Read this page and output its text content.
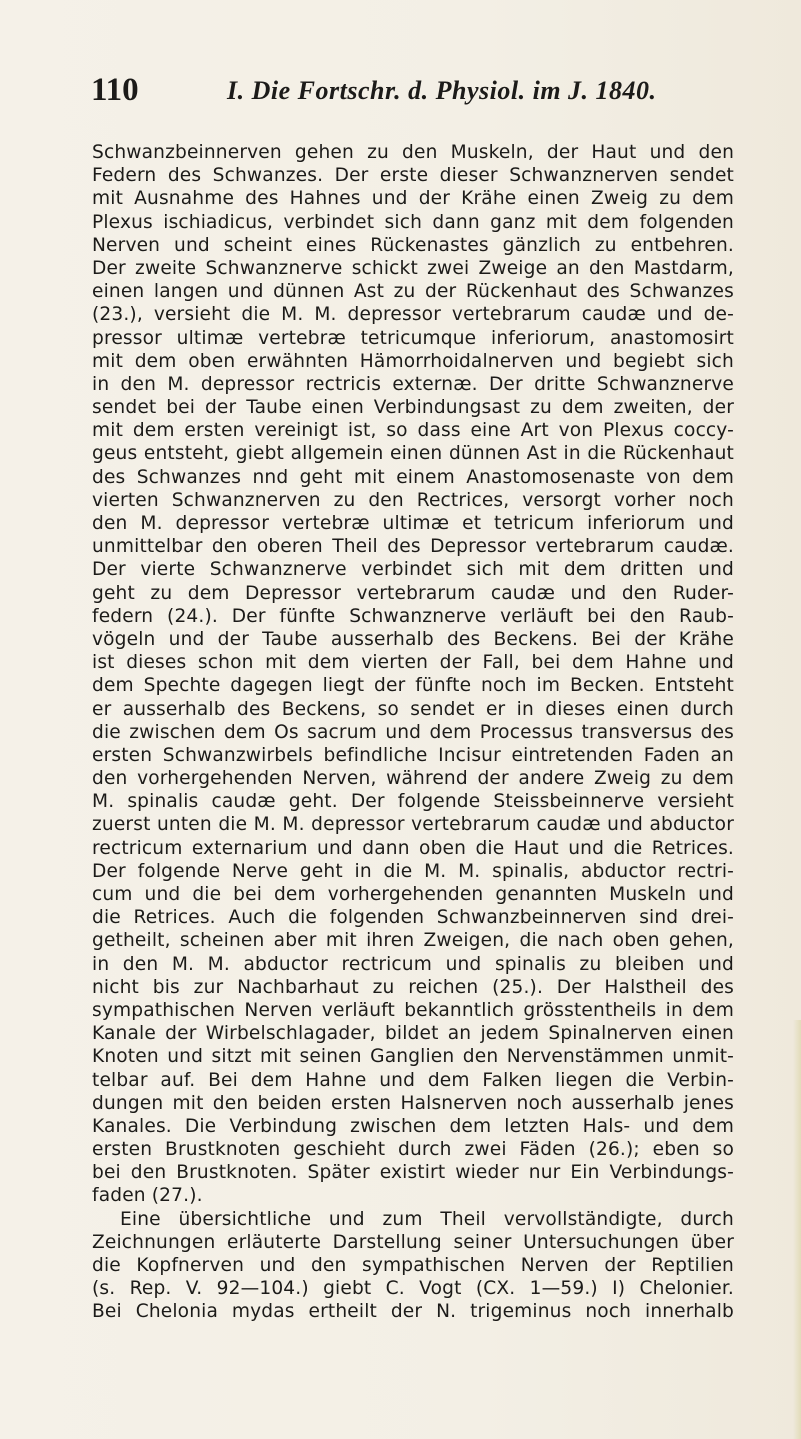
110	I. Die Fortschr. d. Physiol. im J. 1840.
Schwanzbeinnerven gehen zu den Muskeln, der Haut und den
Federn des Schwanzes. Der erste dieser Schwanznerven sendet
mit Ausnahme des Hahnes und der Krähe einen Zweig zu dem
Plexus ischiadicus, verbindet sich dann ganz mit dem folgenden
Nerven und scheint eines Rückenastes gänzlich zu entbehren.
Der zweite Schwanznerve schickt zwei Zweige an den Mastdarm,
einen langen und dünnen Ast zu der Rückenhaut des Schwanzes
(23.), versieht die M. M. depressor vertebrarum caudæ und de-
pressor ultimæ vertebræ tetricumque inferiorum, anastomosirt
mit dem oben erwähnten Hämorrhoidalnerven und begiebt sich
in den M. depressor rectricis externæ. Der dritte Schwanznerve
sendet bei der Taube einen Verbindungsast zu dem zweiten, der
mit dem ersten vereinigt ist, so dass eine Art von Plexus coccy-
geus entsteht, giebt allgemein einen dünnen Ast in die Rückenhaut
des Schwanzes nnd geht mit einem Anastomosenaste von dem
vierten Schwanznerven zu den Rectrices, versorgt vorher noch
den M. depressor vertebræ ultimæ et tetricum inferiorum und
unmittelbar den oberen Theil des Depressor vertebrarum caudæ.
Der vierte Schwanznerve verbindet sich mit dem dritten und
geht zu dem Depressor vertebrarum caudæ und den Ruder-
federn (24.). Der fünfte Schwanznerve verläuft bei den Raub-
vögeln und der Taube ausserhalb des Beckens. Bei der Krähe
ist dieses schon mit dem vierten der Fall, bei dem Hahne und
dem Spechte dagegen liegt der fünfte noch im Becken. Entsteht
er ausserhalb des Beckens, so sendet er in dieses einen durch
die zwischen dem Os sacrum und dem Processus transversus des
ersten Schwanzwirbels befindliche Incisur eintretenden Faden an
den vorhergehenden Nerven, während der andere Zweig zu dem
M. spinalis caudæ geht. Der folgende Steissbeinnerve versieht
zuerst unten die M. M. depressor vertebrarum caudæ und abductor
rectricum externarium und dann oben die Haut und die Retrices.
Der folgende Nerve geht in die M. M. spinalis, abductor rectri-
cum und die bei dem vorhergehenden genannten Muskeln und
die Retrices. Auch die folgenden Schwanzbeinnerven sind drei-
getheilt, scheinen aber mit ihren Zweigen, die nach oben gehen,
in den M. M. abductor rectricum und spinalis zu bleiben und
nicht bis zur Nachbarhaut zu reichen (25.). Der Halstheil des
sympathischen Nerven verläuft bekanntlich grösstentheils in dem
Kanale der Wirbelschlagader, bildet an jedem Spinalnerven einen
Knoten und sitzt mit seinen Ganglien den Nervenstämmen unmit-
telbar auf. Bei dem Hahne und dem Falken liegen die Verbin-
dungen mit den beiden ersten Halsnerven noch ausserhalb jenes
Kanales. Die Verbindung zwischen dem letzten Hals- und dem
ersten Brustknoten geschieht durch zwei Fäden (26.); eben so
bei den Brustknoten. Später existirt wieder nur Ein Verbindungs-
faden (27.).
Eine übersichtliche und zum Theil vervollständigte, durch
Zeichnungen erläuterte Darstellung seiner Untersuchungen über
die Kopfnerven und den sympathischen Nerven der Reptilien
(s. Rep. V. 92—104.) giebt C. Vogt (CX. 1—59.) I) Chelonier.
Bei Chelonia mydas ertheilt der N. trigeminus noch innerhalb
